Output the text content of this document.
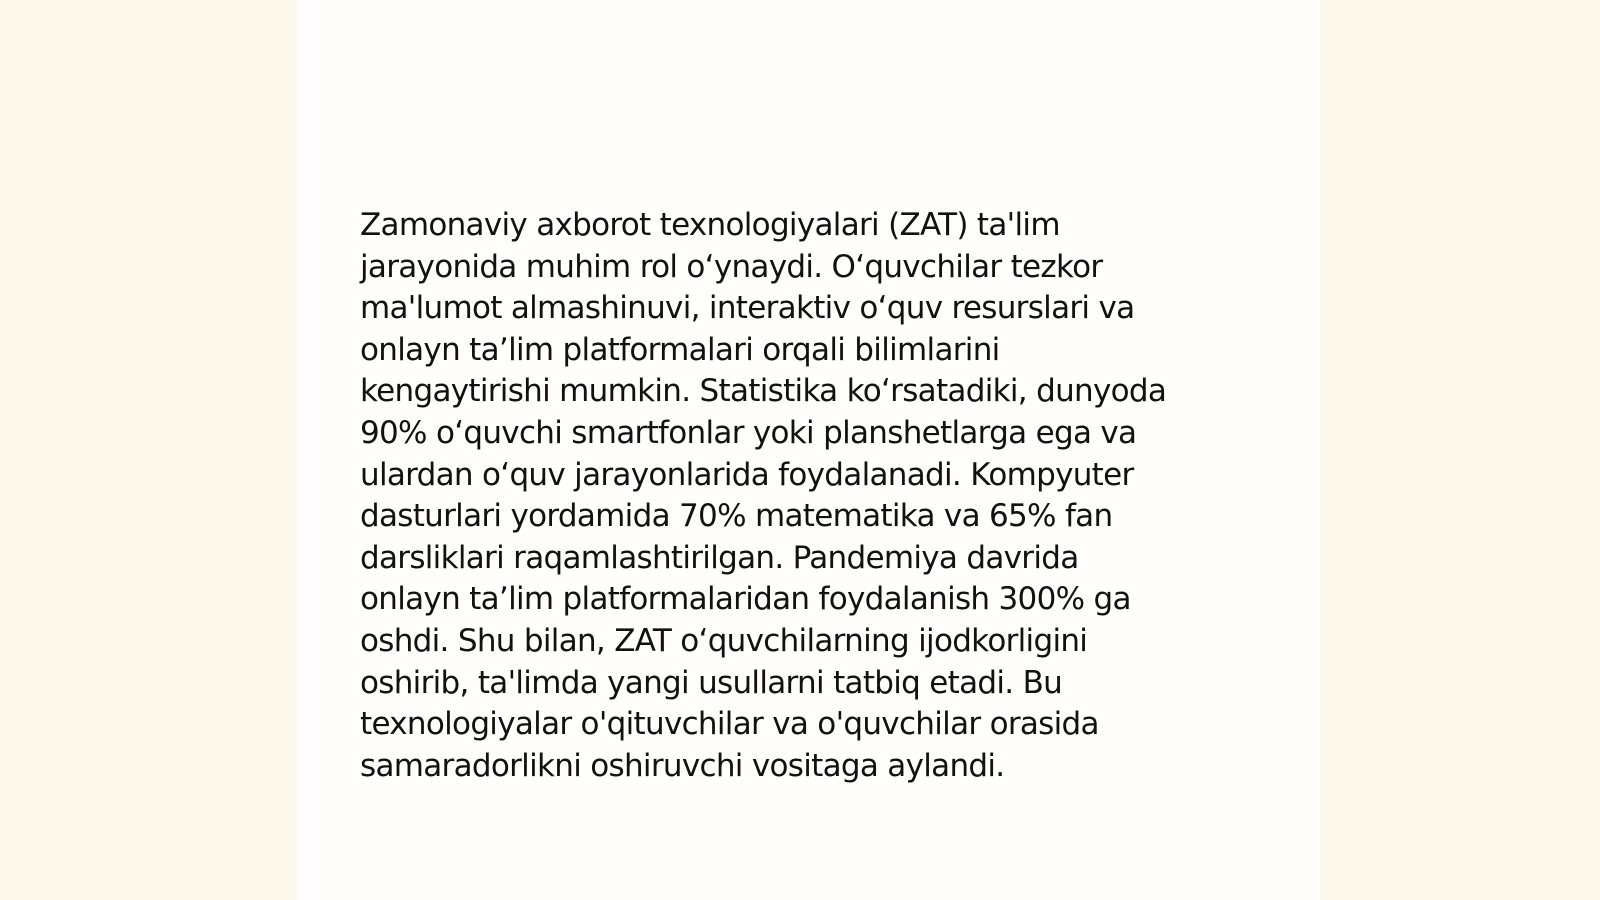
Zamonaviy axborot texnologiyalari (ZAT) ta'lim
jarayonida muhim rol o‘ynaydi. O‘quvchilar tezkor
ma'lumot almashinuvi, interaktiv o‘quv resurslari va
onlayn ta’lim platformalari orqali bilimlarini
kengaytirishi mumkin. Statistika ko‘rsatadiki, dunyoda
90% o‘quvchi smartfonlar yoki planshetlarga ega va
ulardan o‘quv jarayonlarida foydalanadi. Kompyuter
dasturlari yordamida 70% matematika va 65% fan
darsliklari raqamlashtirilgan. Pandemiya davrida
onlayn ta’lim platformalaridan foydalanish 300% ga
oshdi. Shu bilan, ZAT o‘quvchilarning ijodkorligini
oshirib, ta'limda yangi usullarni tatbiq etadi. Bu
texnologiyalar o'qituvchilar va o'quvchilar orasida
samaradorlikni oshiruvchi vositaga aylandi.
